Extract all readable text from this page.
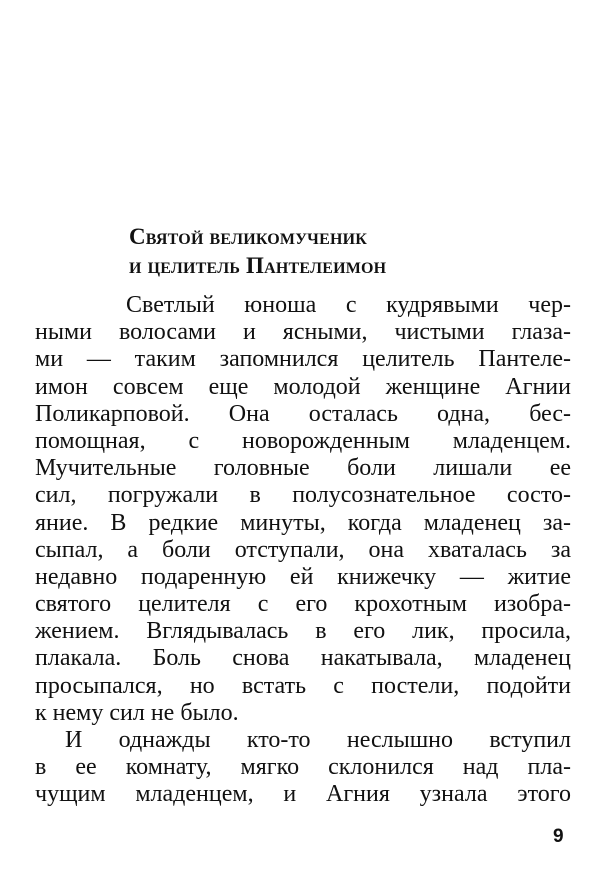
Святой великомученик
и целитель Пантелеимон
Светлый юноша с кудрявыми чер-
ными волосами и ясными, чистыми глаза-
ми — таким запомнился целитель Пантеле-
имон совсем еще молодой женщине Агнии
Поликарповой. Она осталась одна, бес-
помощная, с новорожденным младенцем.
Мучительные головные боли лишали ее
сил, погружали в полусознательное состо-
яние. В редкие минуты, когда младенец за-
сыпал, а боли отступали, она хваталась за
недавно подаренную ей книжечку — житие
святого целителя с его крохотным изобра-
жением. Вглядывалась в его лик, просила,
плакала. Боль снова накатывала, младенец
просыпался, но встать с постели, подойти
к нему сил не было.
И однажды кто-то неслышно вступил
в ее комнату, мягко склонился над пла-
чущим младенцем, и Агния узнала этого
9
